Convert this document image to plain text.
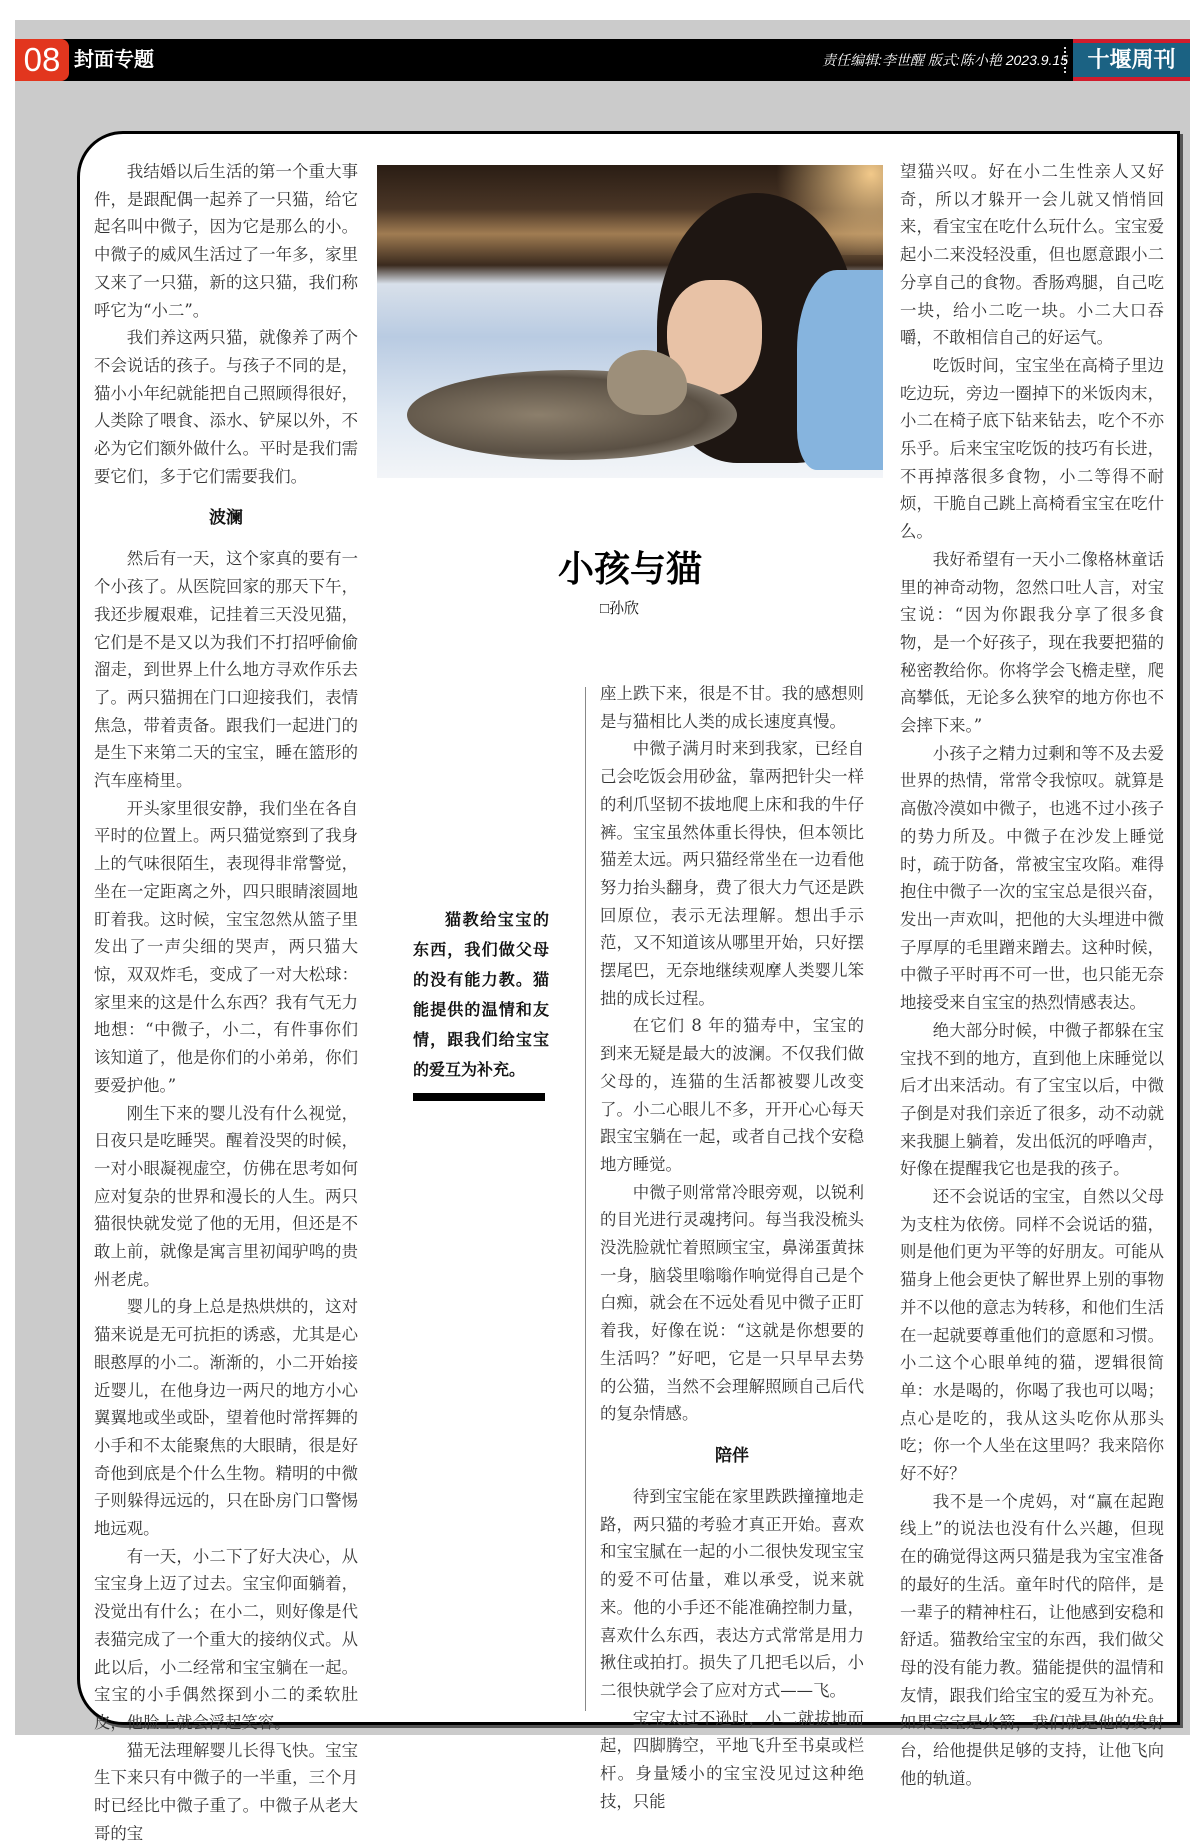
08 封面专题	责任编辑:李世醒 版式:陈小艳 2023.9.15 十堰周刊

我结婚以后生活的第一个重大事件，是跟配偶一起养了一只猫，给它起名叫中微子，因为它是那么的小。中微子的威风生活过了一年多，家里又来了一只猫，新的这只猫，我们称呼它为“小二”。

我们养这两只猫，就像养了两个不会说话的孩子。与孩子不同的是，猫小小年纪就能把自己照顾得很好，人类除了喂食、添水、铲屎以外，不必为它们额外做什么。平时是我们需要它们，多于它们需要我们。

波澜

然后有一天，这个家真的要有一个小孩了。从医院回家的那天下午，我还步履艰难，记挂着三天没见猫，它们是不是又以为我们不打招呼偷偷溜走，到世界上什么地方寻欢作乐去了。两只猫拥在门口迎接我们，表情焦急，带着责备。跟我们一起进门的是生下来第二天的宝宝，睡在篮形的汽车座椅里。

开头家里很安静，我们坐在各自平时的位置上。两只猫觉察到了我身上的气味很陌生，表现得非常警觉，坐在一定距离之外，四只眼睛滚圆地盯着我。这时候，宝宝忽然从篮子里发出了一声尖细的哭声，两只猫大惊，双双炸毛，变成了一对大松球：家里来的这是什么东西？我有气无力地想：“中微子，小二，有件事你们该知道了，他是你们的小弟弟，你们要爱护他。”

刚生下来的婴儿没有什么视觉，日夜只是吃睡哭。醒着没哭的时候，一对小眼凝视虚空，仿佛在思考如何应对复杂的世界和漫长的人生。两只猫很快就发觉了他的无用，但还是不敢上前，就像是寓言里初闻驴鸣的贵州老虎。

婴儿的身上总是热烘烘的，这对猫来说是无可抗拒的诱惑，尤其是心眼憨厚的小二。渐渐的，小二开始接近婴儿，在他身边一两尺的地方小心翼翼地或坐或卧，望着他时常挥舞的小手和不太能聚焦的大眼睛，很是好奇他到底是个什么生物。精明的中微子则躲得远远的，只在卧房门口警惕地远观。

有一天，小二下了好大决心，从宝宝身上迈了过去。宝宝仰面躺着，没觉出有什么；在小二，则好像是代表猫完成了一个重大的接纳仪式。从此以后，小二经常和宝宝躺在一起。宝宝的小手偶然探到小二的柔软肚皮，他脸上就会浮起笑容。

猫无法理解婴儿长得飞快。宝宝生下来只有中微子的一半重，三个月时已经比中微子重了。中微子从老大哥的宝

小孩与猫
□孙欣
猫教给宝宝的东西，我们做父母的没有能力教。猫能提供的温情和友情，跟我们给宝宝的爱互为补充。

座上跌下来，很是不甘。我的感想则是与猫相比人类的成长速度真慢。

中微子满月时来到我家，已经自己会吃饭会用砂盆，靠两把针尖一样的利爪坚韧不拔地爬上床和我的牛仔裤。宝宝虽然体重长得快，但本领比猫差太远。两只猫经常坐在一边看他努力抬头翻身，费了很大力气还是跌回原位，表示无法理解。想出手示范，又不知道该从哪里开始，只好摆摆尾巴，无奈地继续观摩人类婴儿笨拙的成长过程。

在它们 8 年的猫寿中，宝宝的到来无疑是最大的波澜。不仅我们做父母的，连猫的生活都被婴儿改变了。小二心眼儿不多，开开心心每天跟宝宝躺在一起，或者自己找个安稳地方睡觉。

中微子则常常冷眼旁观，以锐利的目光进行灵魂拷问。每当我没梳头没洗脸就忙着照顾宝宝，鼻涕蛋黄抹一身，脑袋里嗡嗡作响觉得自己是个白痴，就会在不远处看见中微子正盯着我，好像在说：“这就是你想要的生活吗？”好吧，它是一只早早去势的公猫，当然不会理解照顾自己后代的复杂情感。

陪伴

待到宝宝能在家里跌跌撞撞地走路，两只猫的考验才真正开始。喜欢和宝宝腻在一起的小二很快发现宝宝的爱不可估量，难以承受，说来就来。他的小手还不能准确控制力量，喜欢什么东西，表达方式常常是用力揪住或拍打。损失了几把毛以后，小二很快就学会了应对方式——飞。

宝宝太过不逊时，小二就拔地而起，四脚腾空，平地飞升至书桌或栏杆。身量矮小的宝宝没见过这种绝技，只能

望猫兴叹。好在小二生性亲人又好奇，所以才躲开一会儿就又悄悄回来，看宝宝在吃什么玩什么。宝宝爱起小二来没轻没重，但也愿意跟小二分享自己的食物。香肠鸡腿，自己吃一块，给小二吃一块。小二大口吞嚼，不敢相信自己的好运气。

吃饭时间，宝宝坐在高椅子里边吃边玩，旁边一圈掉下的米饭肉末，小二在椅子底下钻来钻去，吃个不亦乐乎。后来宝宝吃饭的技巧有长进，不再掉落很多食物，小二等得不耐烦，干脆自己跳上高椅看宝宝在吃什么。

我好希望有一天小二像格林童话里的神奇动物，忽然口吐人言，对宝宝说：“因为你跟我分享了很多食物，是一个好孩子，现在我要把猫的秘密教给你。你将学会飞檐走壁，爬高攀低，无论多么狭窄的地方你也不会摔下来。”

小孩子之精力过剩和等不及去爱世界的热情，常常令我惊叹。就算是高傲冷漠如中微子，也逃不过小孩子的势力所及。中微子在沙发上睡觉时，疏于防备，常被宝宝攻陷。难得抱住中微子一次的宝宝总是很兴奋，发出一声欢叫，把他的大头埋进中微子厚厚的毛里蹭来蹭去。这种时候，中微子平时再不可一世，也只能无奈地接受来自宝宝的热烈情感表达。

绝大部分时候，中微子都躲在宝宝找不到的地方，直到他上床睡觉以后才出来活动。有了宝宝以后，中微子倒是对我们亲近了很多，动不动就来我腿上躺着，发出低沉的呼噜声，好像在提醒我它也是我的孩子。

还不会说话的宝宝，自然以父母为支柱为依傍。同样不会说话的猫，则是他们更为平等的好朋友。可能从猫身上他会更快了解世界上别的事物并不以他的意志为转移，和他们生活在一起就要尊重他们的意愿和习惯。小二这个心眼单纯的猫，逻辑很简单：水是喝的，你喝了我也可以喝；点心是吃的，我从这头吃你从那头吃；你一个人坐在这里吗？我来陪你好不好？

我不是一个虎妈，对“赢在起跑线上”的说法也没有什么兴趣，但现在的确觉得这两只猫是我为宝宝准备的最好的生活。童年时代的陪伴，是一辈子的精神柱石，让他感到安稳和舒适。猫教给宝宝的东西，我们做父母的没有能力教。猫能提供的温情和友情，跟我们给宝宝的爱互为补充。如果宝宝是火箭，我们就是他的发射台，给他提供足够的支持，让他飞向他的轨道。
